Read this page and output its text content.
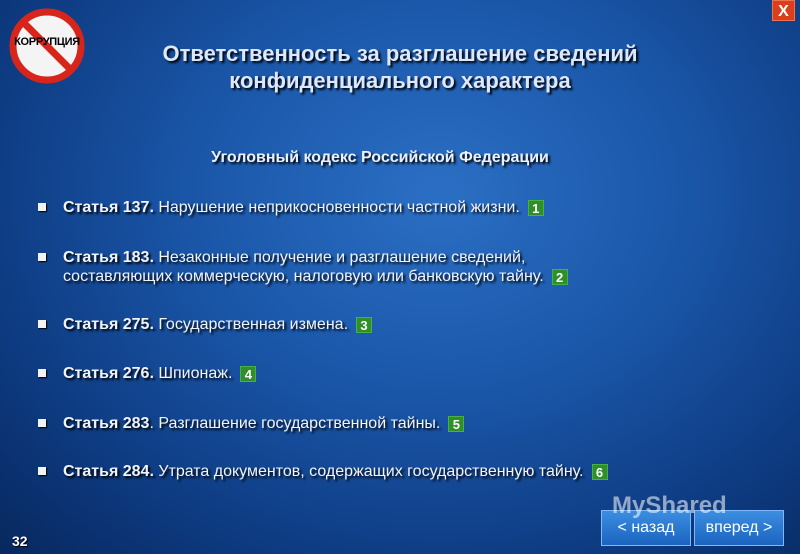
КОРРУПЦИЯ
X
Ответственность за разглашение сведений
конфиденциального характера
Уголовный кодекс Российской Федерации
Статья 137. Нарушение неприкосновенности частной жизни. 1
Статья 183. Незаконные получение и разглашение сведений,
составляющих коммерческую, налоговую или банковскую тайну. 2
Статья 275. Государственная измена. 3
Статья 276. Шпионаж. 4
Статья 283. Разглашение государственной тайны. 5
Статья 284. Утрата документов, содержащих государственную тайну. 6
32
< назад	вперед >
MyShared
